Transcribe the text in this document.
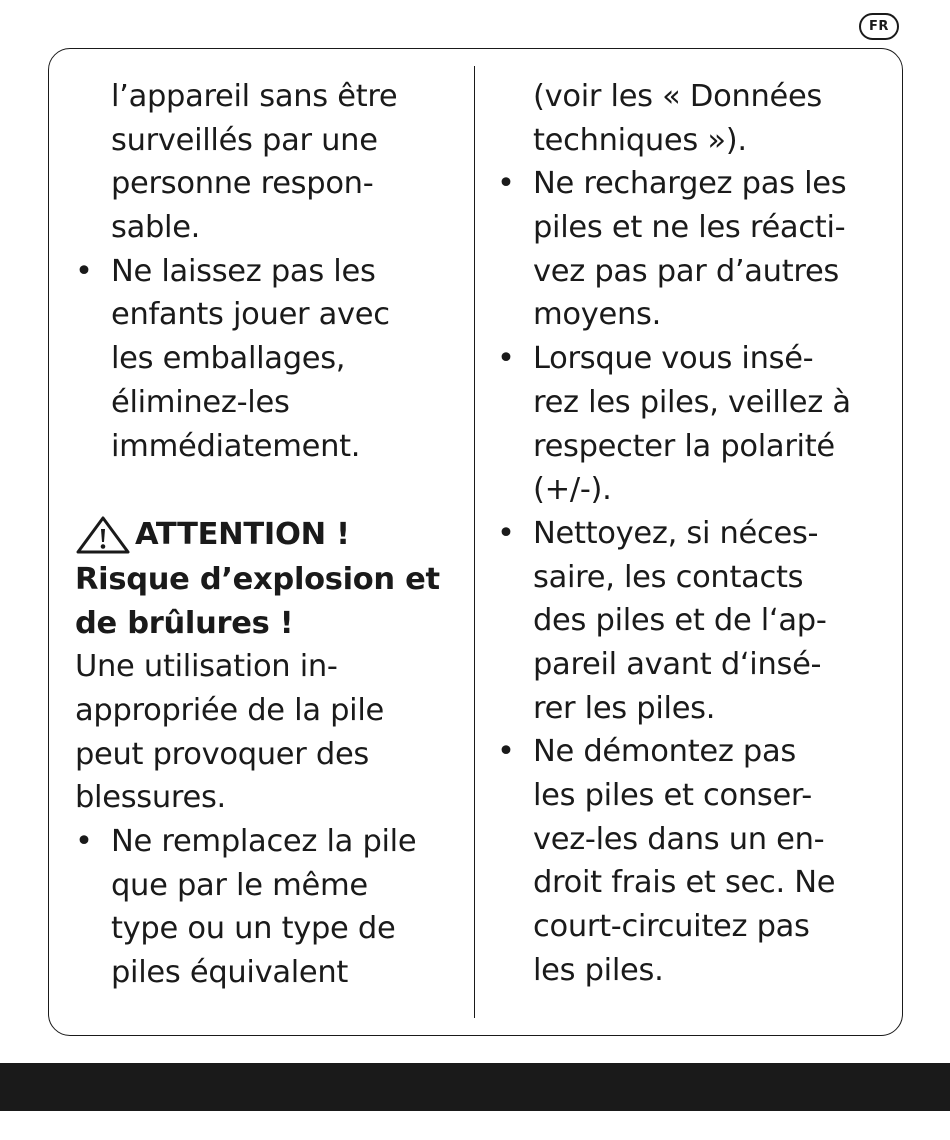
FR
l’appareil sans être
surveillés par une
personne respon-
sable.
• Ne laissez pas les
enfants jouer avec
les emballages,
éliminez-les
immédiatement.
ATTENTION !
Risque d’explosion et
de brûlures !
Une utilisation in-
appropriée de la pile
peut provoquer des
blessures.
• Ne remplacez la pile
que par le même
type ou un type de
piles équivalent
(voir les « Données
techniques »).
• Ne rechargez pas les
piles et ne les réacti-
vez pas par d’autres
moyens.
• Lorsque vous insé-
rez les piles, veillez à
respecter la polarité
(+/-).
• Nettoyez, si néces-
saire, les contacts
des piles et de l‘ap-
pareil avant d‘insé-
rer les piles.
• Ne démontez pas
les piles et conser-
vez-les dans un en-
droit frais et sec. Ne
court-circuitez pas
les piles.
